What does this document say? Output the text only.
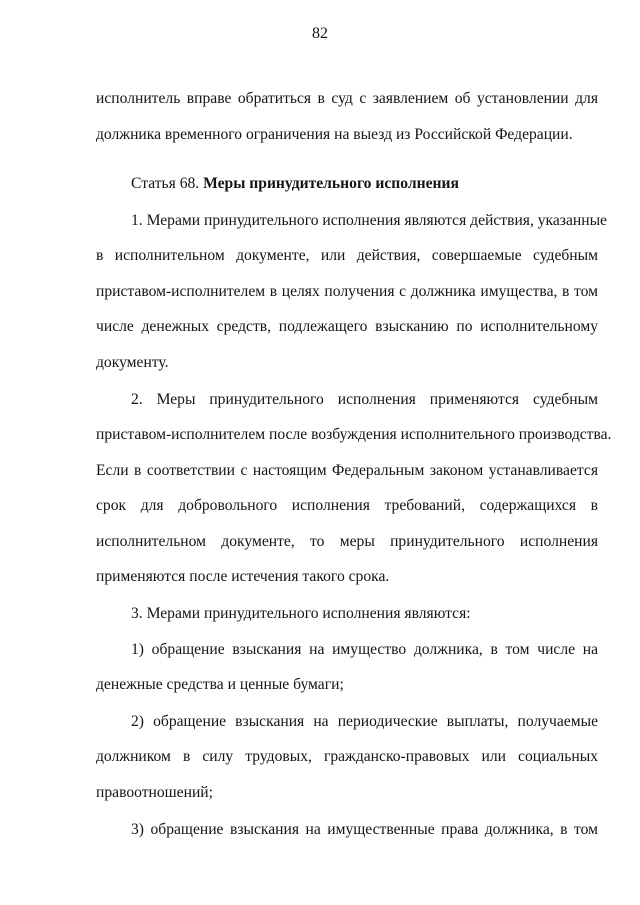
82
исполнитель вправе обратиться в суд с заявлением об установлении для
должника временного ограничения на выезд из Российской Федерации.
Статья 68. Меры принудительного исполнения
1. Мерами принудительного исполнения являются действия, указанные
в исполнительном документе, или действия, совершаемые судебным
приставом-исполнителем в целях получения с должника имущества, в том
числе денежных средств, подлежащего взысканию по исполнительному
документу.
2. Меры принудительного исполнения применяются судебным
приставом-исполнителем после возбуждения исполнительного производства.
Если в соответствии с настоящим Федеральным законом устанавливается
срок для добровольного исполнения требований, содержащихся в
исполнительном документе, то меры принудительного исполнения
применяются после истечения такого срока.
3. Мерами принудительного исполнения являются:
1) обращение взыскания на имущество должника, в том числе на
денежные средства и ценные бумаги;
2) обращение взыскания на периодические выплаты, получаемые
должником в силу трудовых, гражданско-правовых или социальных
правоотношений;
3) обращение взыскания на имущественные права должника, в том
